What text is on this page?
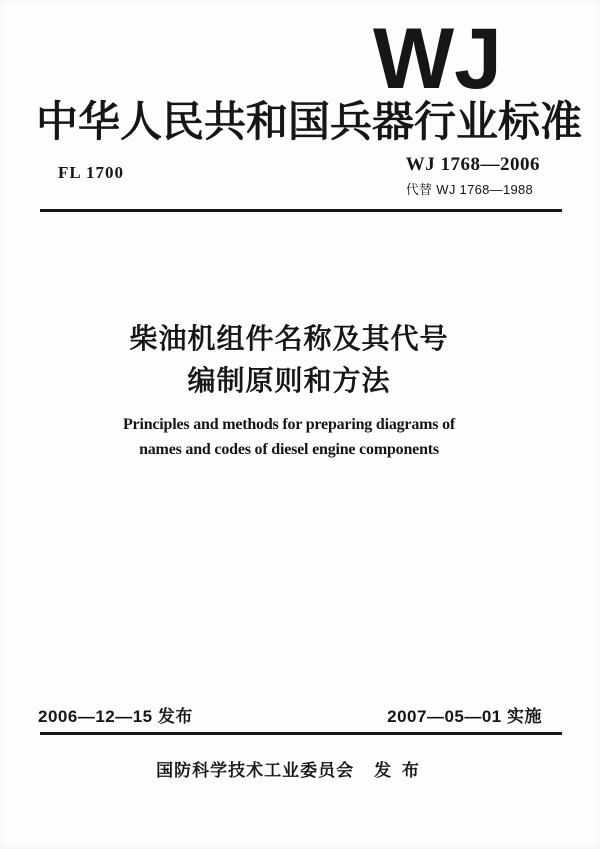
WJ
中华人民共和国兵器行业标准
FL 1700	WJ 1768—2006
代替 WJ 1768—1988
柴油机组件名称及其代号
编制原则和方法
Principles and methods for preparing diagrams of
names and codes of diesel engine components
2006—12—15 发布	2007—05—01 实施
国防科学技术工业委员会 发 布
